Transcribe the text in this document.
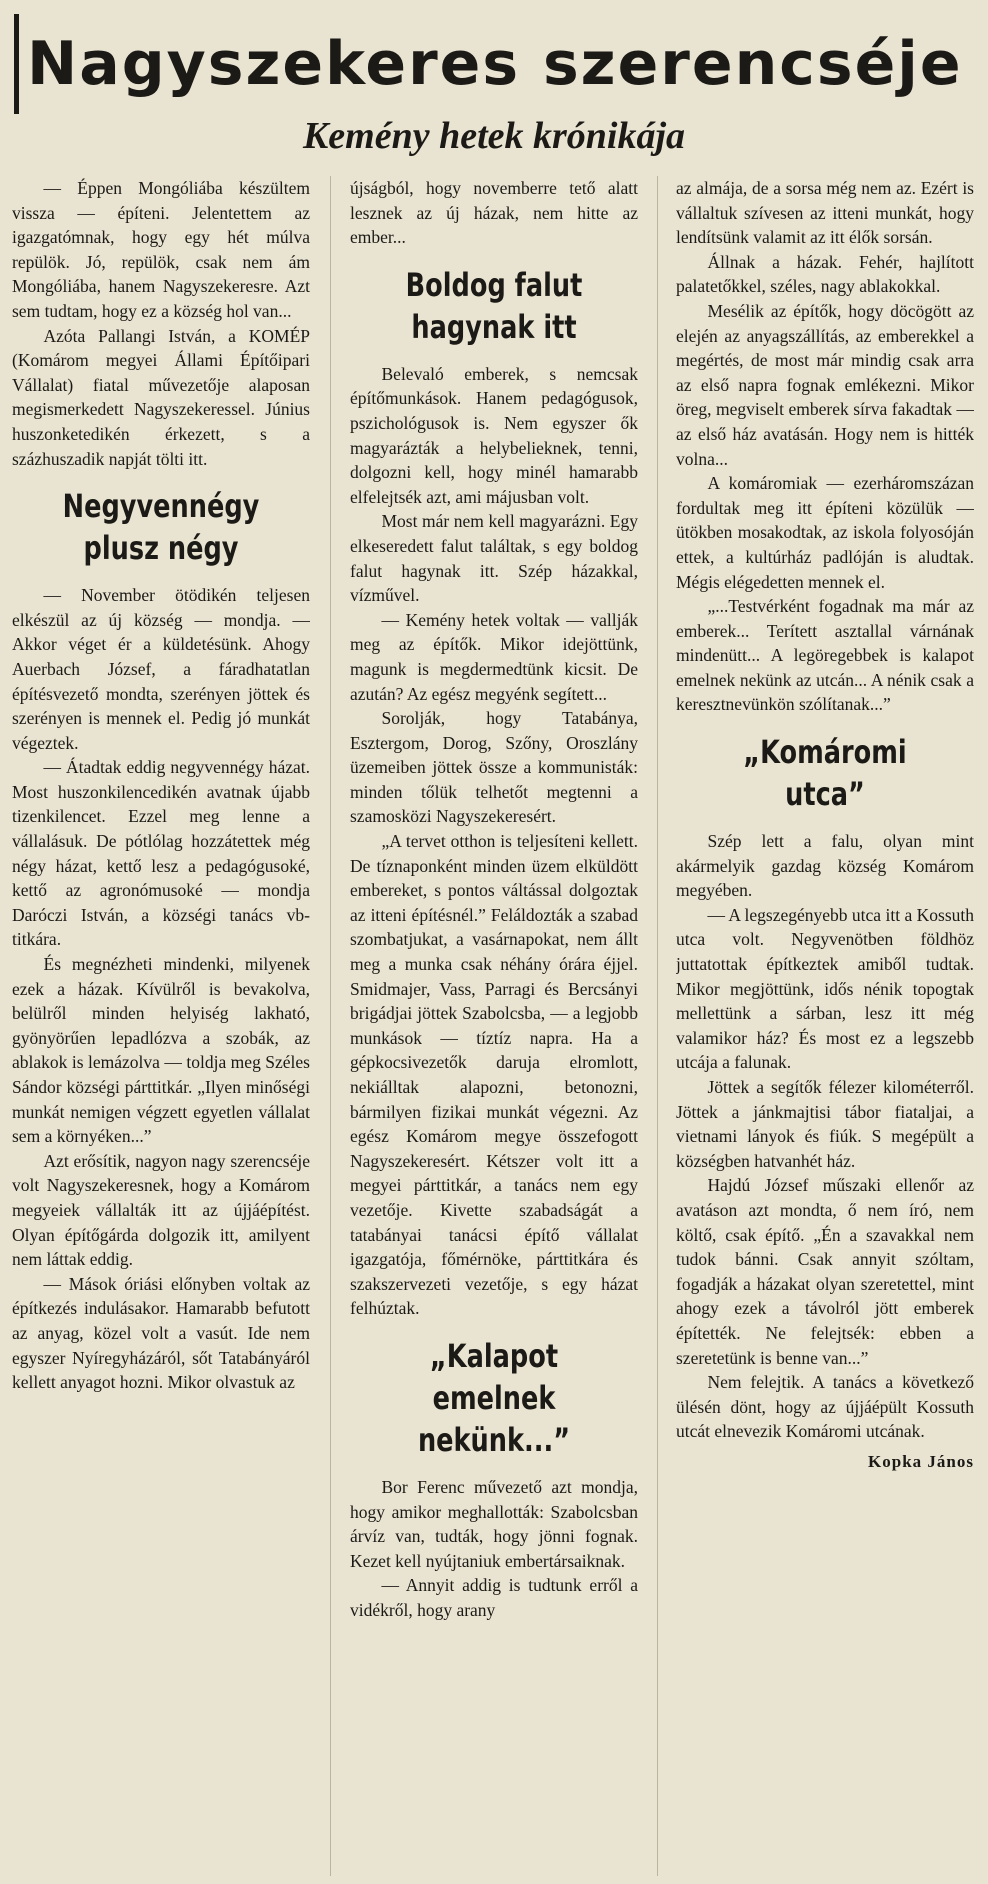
Nagyszekeres szerencséje
Kemény hetek krónikája

— Éppen Mongóliába készültem vissza — építeni. Jelentettem az igazgatómnak, hogy egy hét múlva repülök. Jó, repülök, csak nem ám Mongóliába, hanem Nagyszekeresre. Azt sem tudtam, hogy ez a község hol van...

Azóta Pallangi István, a KOMÉP (Komárom megyei Állami Építőipari Vállalat) fiatal művezetője alaposan megismerkedett Nagyszekeressel. Június huszonketedikén érkezett, s a százhuszadik napját tölti itt.

Negyvennégy plusz négy

— November ötödikén teljesen elkészül az új község — mondja. — Akkor véget ér a küldetésünk. Ahogy Auerbach József, a fáradhatatlan építésvezető mondta, szerényen jöttek és szerényen is mennek el. Pedig jó munkát végeztek.

— Átadtak eddig negyvennégy házat. Most huszonkilencedikén avatnak újabb tizenkilencet. Ezzel meg lenne a vállalásuk. De pótlólag hozzátettek még négy házat, kettő lesz a pedagógusoké, kettő az agronómusoké — mondja Daróczi István, a községi tanács vb-titkára.

És megnézheti mindenki, milyenek ezek a házak. Kívülről is bevakolva, belülről minden helyiség lakható, gyönyörűen lepadlózva a szobák, az ablakok is lemázolva — toldja meg Széles Sándor községi párttitkár. „Ilyen minőségi munkát nemigen végzett egyetlen vállalat sem a környéken...”

Azt erősítik, nagyon nagy szerencséje volt Nagyszekeresnek, hogy a Komárom megyeiek vállalták itt az újjáépítést. Olyan építőgárda dolgozik itt, amilyent nem láttak eddig.

— Mások óriási előnyben voltak az építkezés indulásakor. Hamarabb befutott az anyag, közel volt a vasút. Ide nem egyszer Nyíregyházáról, sőt Tatabányáról kellett anyagot hozni. Mikor olvastuk az

újságból, hogy novemberre tető alatt lesznek az új házak, nem hitte az ember...

Boldog falut hagynak itt

Belevaló emberek, s nemcsak építőmunkások. Hanem pedagógusok, pszichológusok is. Nem egyszer ők magyarázták a helybelieknek, tenni, dolgozni kell, hogy minél hamarabb elfelejtsék azt, ami májusban volt.

Most már nem kell magyarázni. Egy elkeseredett falut találtak, s egy boldog falut hagynak itt. Szép házakkal, vízművel.

— Kemény hetek voltak — vallják meg az építők. Mikor idejöttünk, magunk is megdermedtünk kicsit. De azután? Az egész megyénk segített...

Sorolják, hogy Tatabánya, Esztergom, Dorog, Szőny, Oroszlány üzemeiben jöttek össze a kommunisták: minden tőlük telhetőt megtenni a szamosközi Nagyszekeresért.

„A tervet otthon is teljesíteni kellett. De tíznaponként minden üzem elküldött embereket, s pontos váltással dolgoztak az itteni építésnél.” Feláldozták a szabad szombatjukat, a vasárnapokat, nem állt meg a munka csak néhány órára éjjel. Smidmajer, Vass, Parragi és Bercsányi brigádjai jöttek Szabolcsba, — a legjobb munkások — tíztíz napra. Ha a gépkocsivezetők daruja elromlott, nekiálltak alapozni, betonozni, bármilyen fizikai munkát végezni. Az egész Komárom megye összefogott Nagyszekeresért. Kétszer volt itt a megyei párttitkár, a tanács nem egy vezetője. Kivette szabadságát a tatabányai tanácsi építő vállalat igazgatója, főmérnöke, párttitkára és szakszervezeti vezetője, s egy házat felhúztak.

„Kalapot emelnek nekünk...”

Bor Ferenc művezető azt mondja, hogy amikor meghallották: Szabolcsban árvíz van, tudták, hogy jönni fognak. Kezet kell nyújtaniuk embertársaiknak.

— Annyit addig is tudtunk erről a vidékről, hogy arany

az almája, de a sorsa még nem az. Ezért is vállaltuk szívesen az itteni munkát, hogy lendítsünk valamit az itt élők sorsán.

Állnak a házak. Fehér, hajlított palatetőkkel, széles, nagy ablakokkal.

Mesélik az építők, hogy döcögött az elején az anyagszállítás, az emberekkel a megértés, de most már mindig csak arra az első napra fognak emlékezni. Mikor öreg, megviselt emberek sírva fakadtak — az első ház avatásán. Hogy nem is hitték volna...

A komáromiak — ezerháromszázan fordultak meg itt építeni közülük — ütökben mosakodtak, az iskola folyosóján ettek, a kultúrház padlóján is aludtak. Mégis elégedetten mennek el.

„...Testvérként fogadnak ma már az emberek... Terített asztallal várnának mindenütt... A legöregebbek is kalapot emelnek nekünk az utcán... A nénik csak a keresztnevünkön szólítanak...”

„Komáromi utca”

Szép lett a falu, olyan mint akármelyik gazdag község Komárom megyében.

— A legszegényebb utca itt a Kossuth utca volt. Negyvenötben földhöz juttatottak építkeztek amiből tudtak. Mikor megjöttünk, idős nénik topogtak mellettünk a sárban, lesz itt még valamikor ház? És most ez a legszebb utcája a falunak.

Jöttek a segítők félezer kilométerről. Jöttek a jánkmajtisi tábor fiataljai, a vietnami lányok és fiúk. S megépült a községben hatvanhét ház.

Hajdú József műszaki ellenőr az avatáson azt mondta, ő nem író, nem költő, csak építő. „Én a szavakkal nem tudok bánni. Csak annyit szóltam, fogadják a házakat olyan szeretettel, mint ahogy ezek a távolról jött emberek építették. Ne felejtsék: ebben a szeretetünk is benne van...”

Nem felejtik. A tanács a következő ülésén dönt, hogy az újjáépült Kossuth utcát elnevezik Komáromi utcának.

Kopka János
